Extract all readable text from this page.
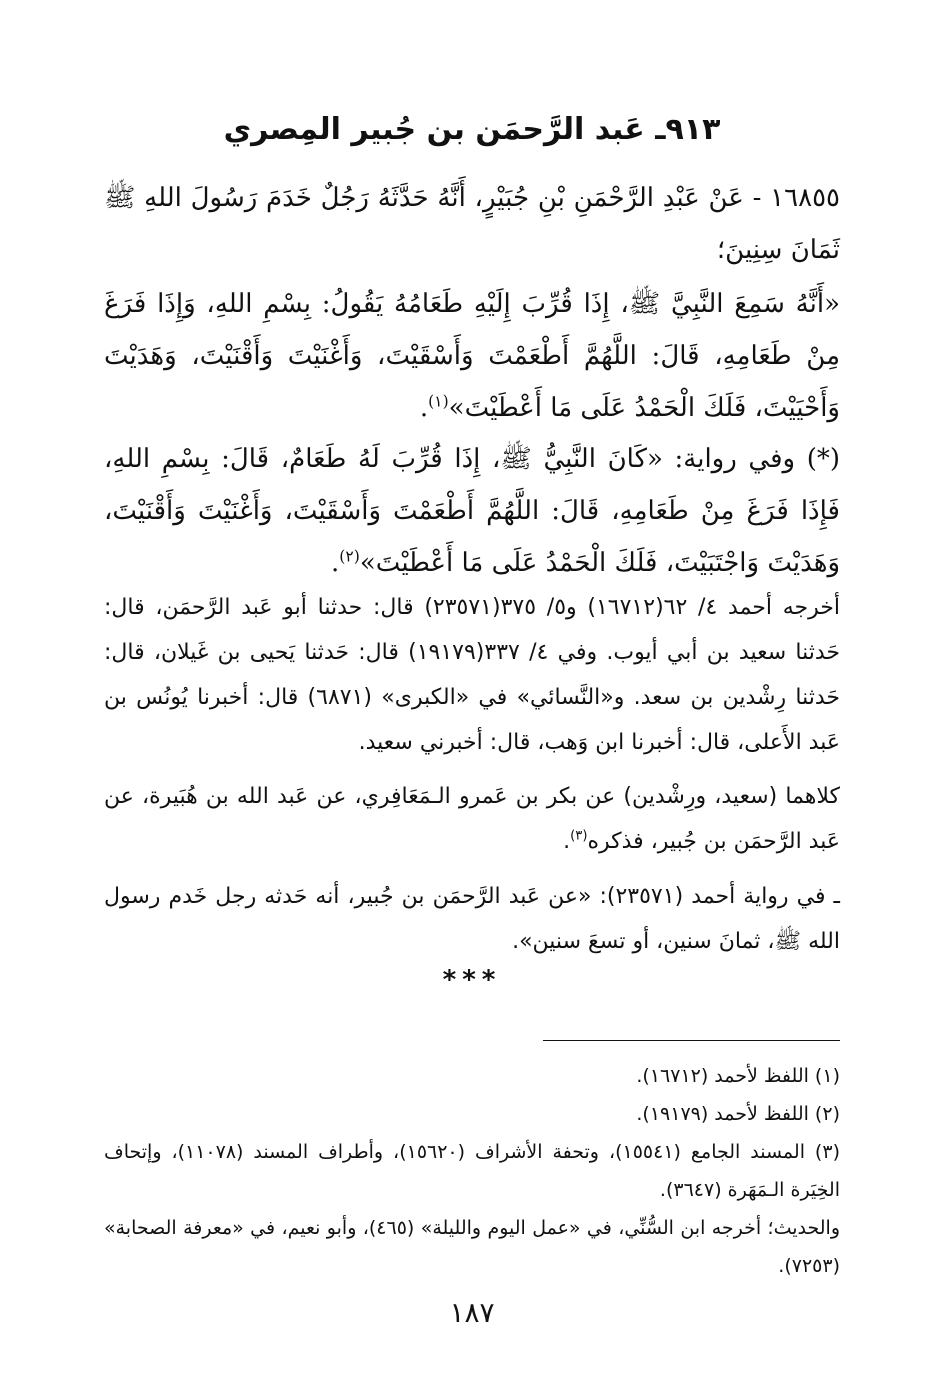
٩١٣ـ عَبد الرَّحمَن بن جُبير المِصري
١٦٨٥٥ - عَنْ عَبْدِ الرَّحْمَنِ بْنِ جُبَيْرٍ، أَنَّهُ حَدَّثَهُ رَجُلٌ خَدَمَ رَسُولَ اللهِ ﷺ ثَمَانَ سِنِينَ؛
«أَنَّهُ سَمِعَ النَّبِيَّ ﷺ، إِذَا قُرِّبَ إِلَيْهِ طَعَامُهُ يَقُولُ: بِسْمِ اللهِ، وَإِذَا فَرَغَ مِنْ طَعَامِهِ، قَالَ: اللَّهُمَّ أَطْعَمْتَ وَأَسْقَيْتَ، وَأَغْنَيْتَ وَأَقْنَيْتَ، وَهَدَيْتَ وَأَحْيَيْتَ، فَلَكَ الْحَمْدُ عَلَى مَا أَعْطَيْتَ»$^{(١)}$.
(*) وفي رواية: «كَانَ النَّبِيُّ ﷺ، إِذَا قُرِّبَ لَهُ طَعَامٌ، قَالَ: بِسْمِ اللهِ، فَإِذَا فَرَغَ مِنْ طَعَامِهِ، قَالَ: اللَّهُمَّ أَطْعَمْتَ وَأَسْقَيْتَ، وَأَغْنَيْتَ وَأَقْنَيْتَ، وَهَدَيْتَ وَاجْتَبَيْتَ، فَلَكَ الْحَمْدُ عَلَى مَا أَعْطَيْتَ»$^{(٢)}$.
أخرجه أحمد ٤/ ٦٢(١٦٧١٢) و٥/ ٣٧٥(٢٣٥٧١) قال: حدثنا أبو عَبد الرَّحمَن، قال: حَدثنا سعيد بن أبي أيوب. وفي ٤/ ٣٣٧(١٩١٧٩) قال: حَدثنا يَحيى بن غَيلان، قال: حَدثنا رِشْدين بن سعد. و«النَّسائي» في «الكبرى» (٦٨٧١) قال: أخبرنا يُونُس بن عَبد الأَعلى، قال: أخبرنا ابن وَهب، قال: أخبرني سعيد.
كلاهما (سعيد، ورِشْدين) عن بكر بن عَمرو الـمَعَافِري، عن عَبد الله بن هُبَيرة، عن عَبد الرَّحمَن بن جُبير، فذكره$^{(٣)}$.
ـ في رواية أحمد (٢٣٥٧١): «عن عَبد الرَّحمَن بن جُبير، أنه حَدثه رجل خَدم رسول الله ﷺ، ثمانَ سنين، أو تسعَ سنين».
***
(١) اللفظ لأحمد (١٦٧١٢).
(٢) اللفظ لأحمد (١٩١٧٩).
(٣) المسند الجامع (١٥٥٤١)، وتحفة الأشراف (١٥٦٢٠)، وأطراف المسند (١١٠٧٨)، وإتحاف الخِيَرة الـمَهَرة (٣٦٤٧).
والحديث؛ أخرجه ابن السُّنِّي، في «عمل اليوم والليلة» (٤٦٥)، وأبو نعيم، في «معرفة الصحابة» (٧٢٥٣).
١٨٧
